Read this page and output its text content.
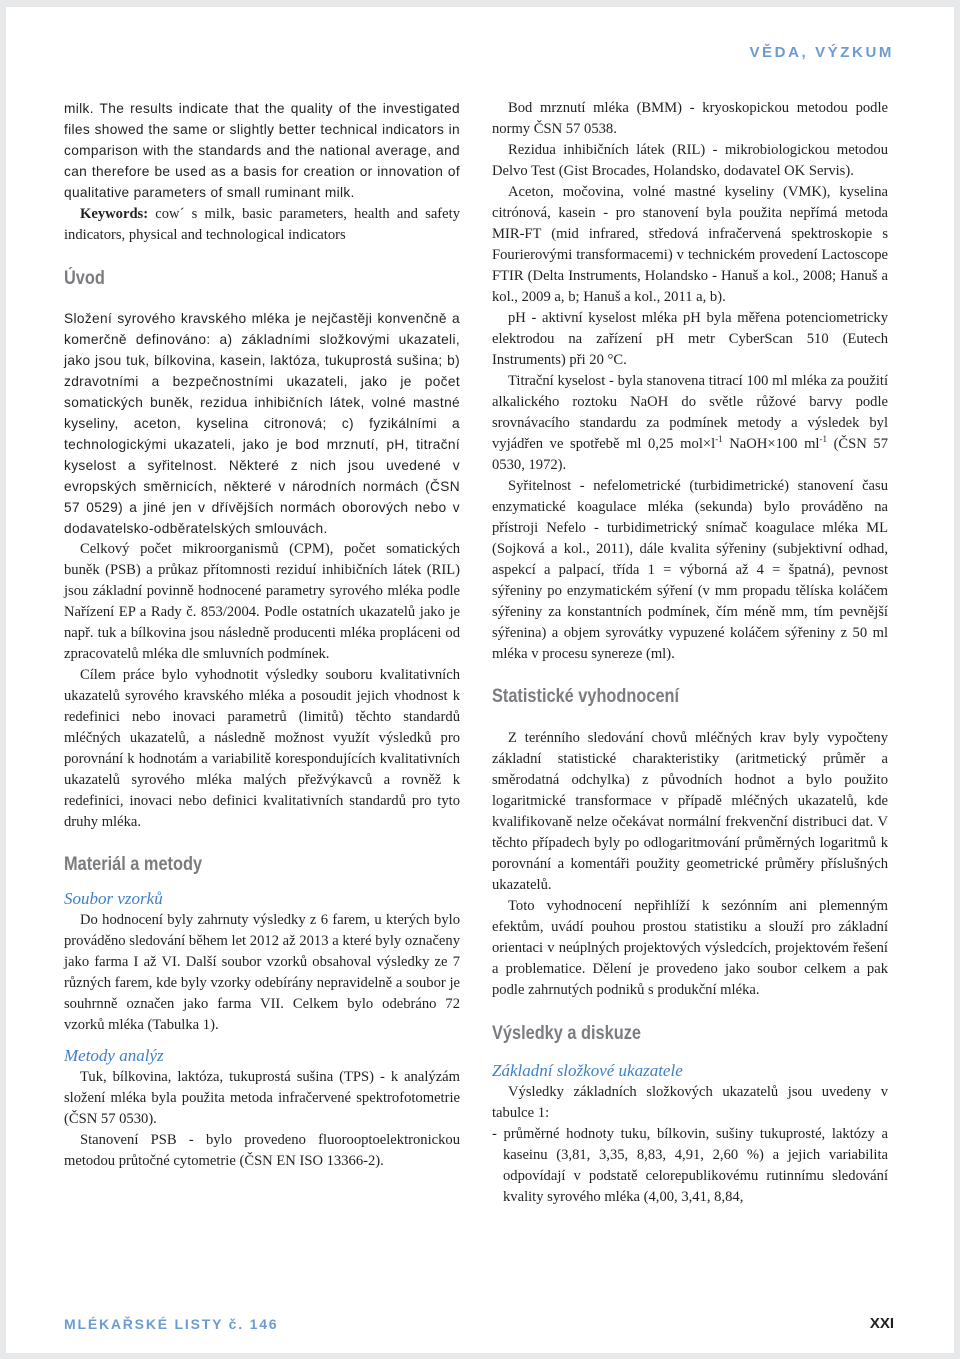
VĚDA, VÝZKUM

milk. The results indicate that the quality of the investigated files showed the same or slightly better technical indicators in comparison with the standards and the national average, and can therefore be used as a basis for creation or innovation of qualitative parameters of small ruminant milk.

Keywords: cow´ s milk, basic parameters, health and safety indicators, physical and technological indicators

Úvod

Složení syrového kravského mléka je nejčastěji konvenčně a komerčně definováno: a) základními složkovými ukazateli, jako jsou tuk, bílkovina, kasein, laktóza, tukuprostá sušina; b) zdravotními a bezpečnostními ukazateli, jako je počet somatických buněk, rezidua inhibičních látek, volné mastné kyseliny, aceton, kyselina citronová; c) fyzikálními a technologickými ukazateli, jako je bod mrznutí, pH, titrační kyselost a syřitelnost. Některé z nich jsou uvedené v evropských směrnicích, některé v národních normách (ČSN 57 0529) a jiné jen v dřívějších normách oborových nebo v dodavatelsko-odběratelských smlouvách.

Celkový počet mikroorganismů (CPM), počet somatických buněk (PSB) a průkaz přítomnosti reziduí inhibičních látek (RIL) jsou základní povinně hodnocené parametry syrového mléka podle Nařízení EP a Rady č. 853/2004. Podle ostatních ukazatelů jako je např. tuk a bílkovina jsou následně producenti mléka propláceni od zpracovatelů mléka dle smluvních podmínek.

Cílem práce bylo vyhodnotit výsledky souboru kvalitativních ukazatelů syrového kravského mléka a posoudit jejich vhodnost k redefinici nebo inovaci parametrů (limitů) těchto standardů mléčných ukazatelů, a následně možnost využít výsledků pro porovnání k hodnotám a variabilitě korespondujících kvalitativních ukazatelů syrového mléka malých přežvýkavců a rovněž k redefinici, inovaci nebo definici kvalitativních standardů pro tyto druhy mléka.

Materiál a metody
Soubor vzorků

Do hodnocení byly zahrnuty výsledky z 6 farem, u kterých bylo prováděno sledování během let 2012 až 2013 a které byly označeny jako farma I až VI. Další soubor vzorků obsahoval výsledky ze 7 různých farem, kde byly vzorky odebírány nepravidelně a soubor je souhrnně označen jako farma VII. Celkem bylo odebráno 72 vzorků mléka (Tabulka 1).

Metody analýz

Tuk, bílkovina, laktóza, tukuprostá sušina (TPS) - k analýzám složení mléka byla použita metoda infračervené spektrofotometrie (ČSN 57 0530).

Stanovení PSB - bylo provedeno fluorooptoelektronickou metodou průtočné cytometrie (ČSN EN ISO 13366-2).

Bod mrznutí mléka (BMM) - kryoskopickou metodou podle normy ČSN 57 0538.

Rezidua inhibičních látek (RIL) - mikrobiologickou metodou Delvo Test (Gist Brocades, Holandsko, dodavatel OK Servis).

Aceton, močovina, volné mastné kyseliny (VMK), kyselina citrónová, kasein - pro stanovení byla použita nepřímá metoda MIR-FT (mid infrared, středová infračervená spektroskopie s Fourierovými transformacemi) v technickém provedení Lactoscope FTIR (Delta Instruments, Holandsko - Hanuš a kol., 2008; Hanuš a kol., 2009 a, b; Hanuš a kol., 2011 a, b).

pH - aktivní kyselost mléka pH byla měřena potenciometricky elektrodou na zařízení pH metr CyberScan 510 (Eutech Instruments) při 20 °C.

Titrační kyselost - byla stanovena titrací 100 ml mléka za použití alkalického roztoku NaOH do světle růžové barvy podle srovnávacího standardu za podmínek metody a výsledek byl vyjádřen ve spotřebě ml 0,25 $mol\times l^{-1}$ NaOH×100 $ml^{-1}$ (ČSN 57 0530, 1972).

Syřitelnost - nefelometrické (turbidimetrické) stanovení času enzymatické koagulace mléka (sekunda) bylo prováděno na přístroji Nefelo - turbidimetrický snímač koagulace mléka ML (Sojková a kol., 2011), dále kvalita sýřeniny (subjektivní odhad, aspekcí a palpací, třída 1 = výborná až 4 = špatná), pevnost sýřeniny po enzymatickém sýření (v mm propadu tělíska koláčem sýřeniny za konstantních podmínek, čím méně mm, tím pevnější sýřenina) a objem syrovátky vypuzené koláčem sýřeniny z 50 ml mléka v procesu synereze (ml).

Statistické vyhodnocení

Z terénního sledování chovů mléčných krav byly vypočteny základní statistické charakteristiky (aritmetický průměr a směrodatná odchylka) z původních hodnot a bylo použito logaritmické transformace v případě mléčných ukazatelů, kde kvalifikovaně nelze očekávat normální frekvenční distribuci dat. V těchto případech byly po odlogaritmování průměrných logaritmů k porovnání a komentáři použity geometrické průměry příslušných ukazatelů.

Toto vyhodnocení nepřihlíží k sezónním ani plemenným efektům, uvádí pouhou prostou statistiku a slouží pro základní orientaci v neúplných projektových výsledcích, projektovém řešení a problematice. Dělení je provedeno jako soubor celkem a pak podle zahrnutých podniků s produkční mléka.

Výsledky a diskuze
Základní složkové ukazatele

Výsledky základních složkových ukazatelů jsou uvedeny v tabulce 1:

- průměrné hodnoty tuku, bílkovin, sušiny tukuprosté, laktózy a kaseinu (3,81, 3,35, 8,83, 4,91, 2,60 %) a jejich variabilita odpovídají v podstatě celorepublikovému rutinnímu sledování kvality syrového mléka (4,00, 3,41, 8,84,

MLÉKAŘSKÉ LISTY č. 146	XXI
